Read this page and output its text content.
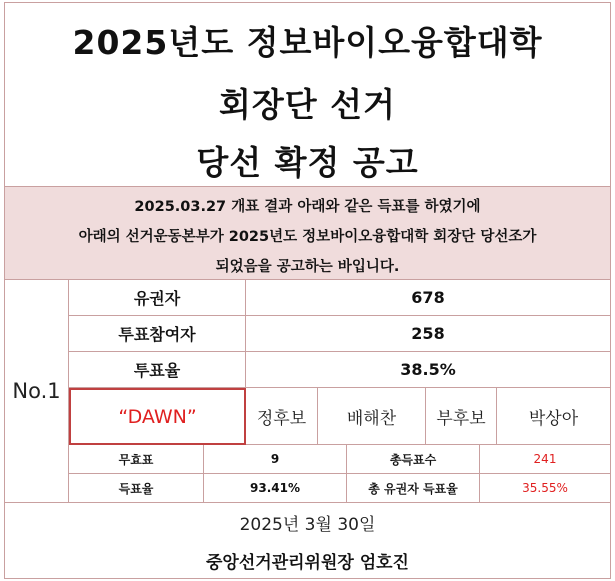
2025년도 정보바이오융합대학
회장단 선거
당선 확정 공고
2025.03.27 개표 결과 아래와 같은 득표를 하였기에
아래의 선거운동본부가 2025년도 정보바이오융합대학 회장단 당선조가
되었음을 공고하는 바입니다.
No.1
유권자	678
투표참여자	258
투표율	38.5%
“DAWN”	정후보	배해찬	부후보	박상아
무효표	9	총득표수	241
득표율	93.41%	총 유권자 득표율	35.55%
2025년 3월 30일
중앙선거관리위원장 엄호진
